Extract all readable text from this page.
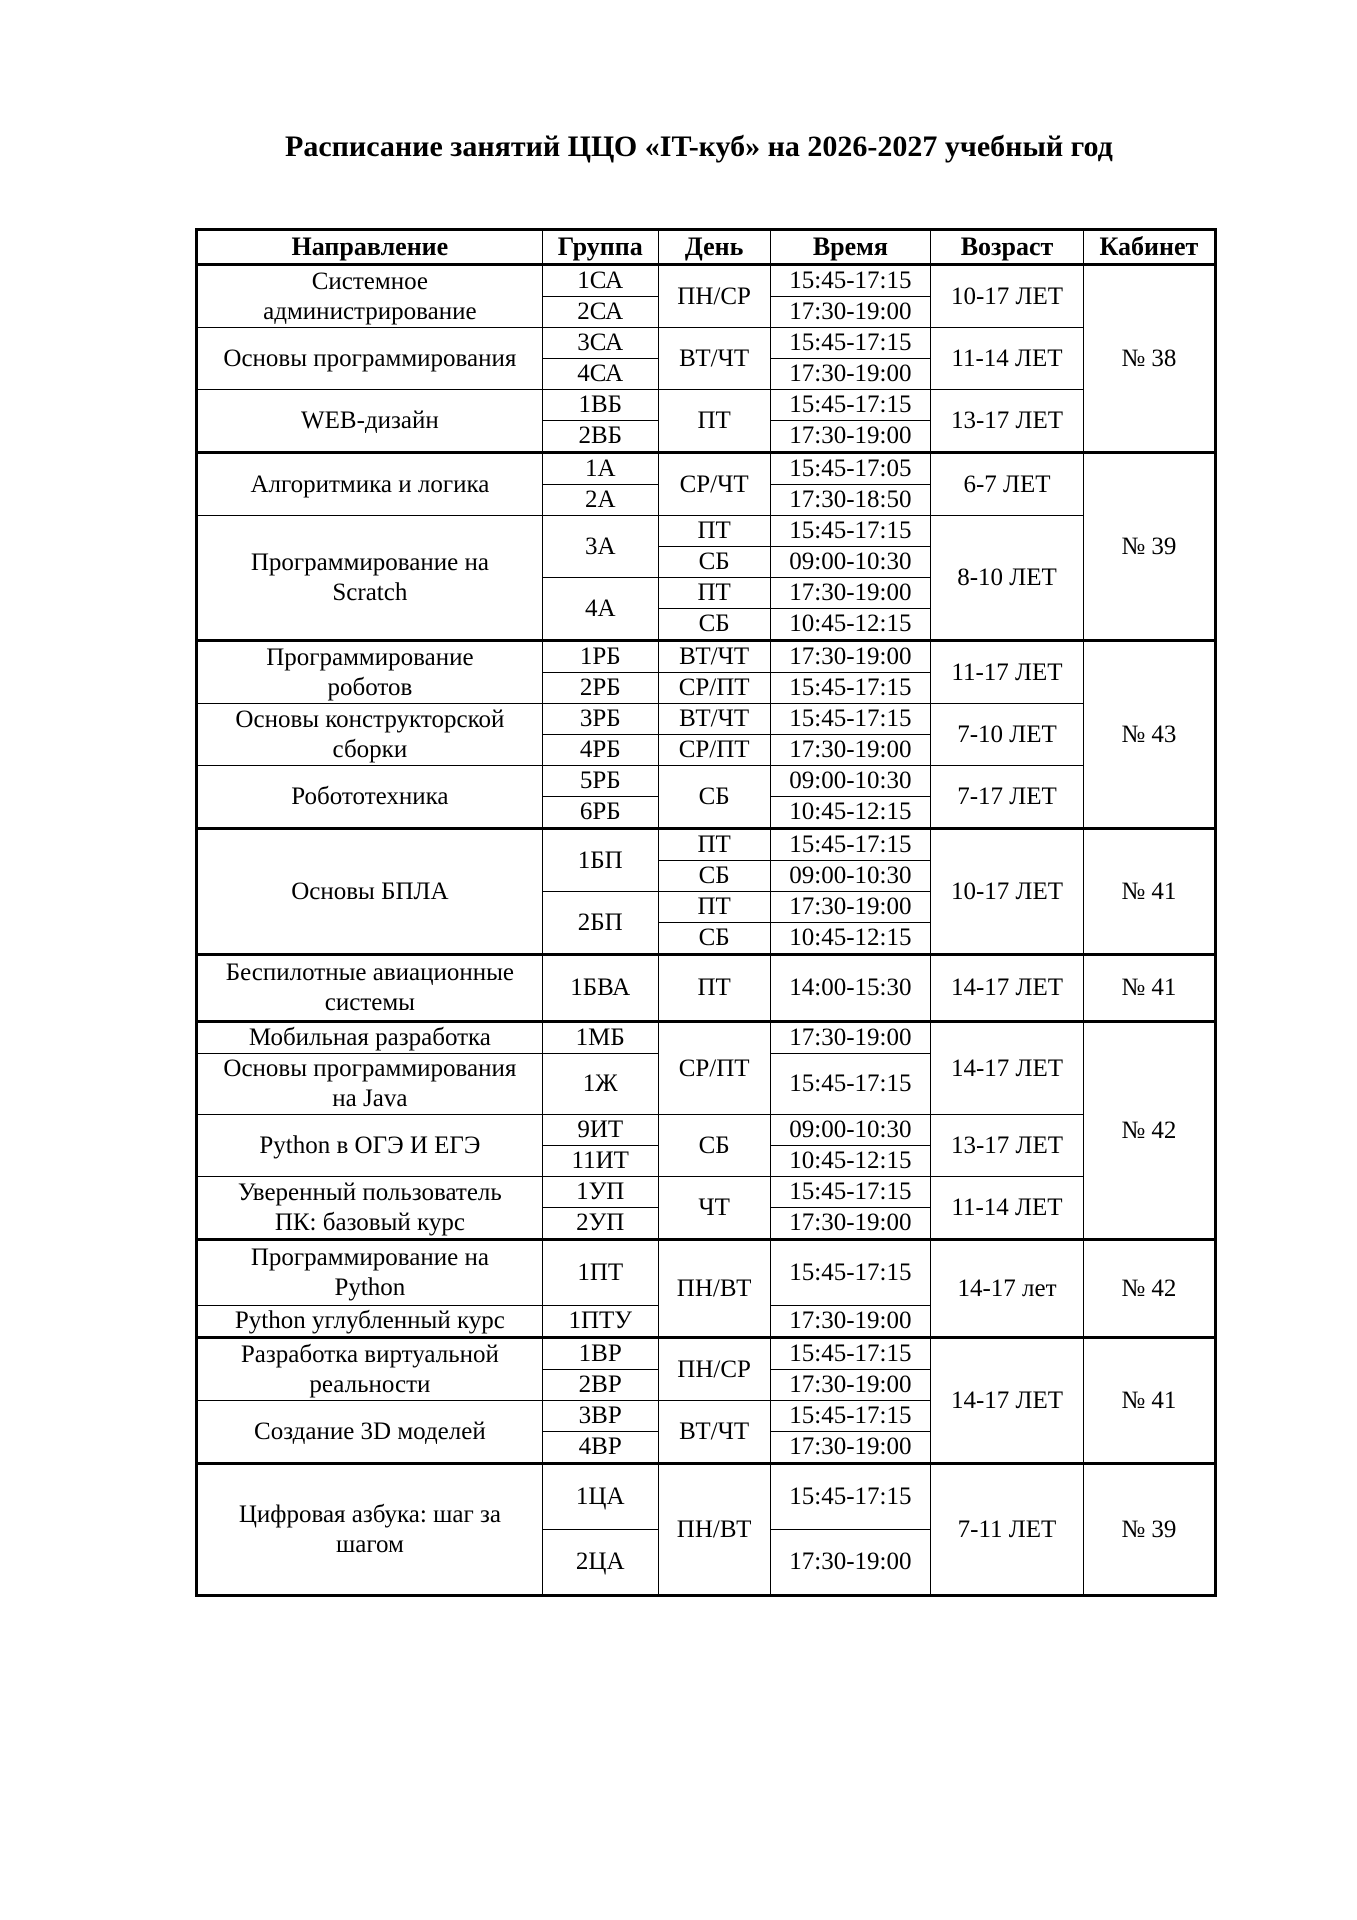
Расписание занятий ЦЦО «IT-куб» на 2026-2027 учебный год
Направление	Группа	День	Время	Возраст	Кабинет
Системное
администрирование	1СА	ПН/СР	15:45-17:15	10-17 ЛЕТ	№ 38
	2СА		17:30-19:00		
Основы программирования	3СА	ВТ/ЧТ	15:45-17:15	11-14 ЛЕТ	
	4СА		17:30-19:00		
WEB-дизайн	1ВБ	ПТ	15:45-17:15	13-17 ЛЕТ	
	2ВБ		17:30-19:00		
Алгоритмика и логика	1А	СР/ЧТ	15:45-17:05	6-7 ЛЕТ	№ 39
	2А		17:30-18:50		
Программирование на
Scratch	3А	ПТ	15:45-17:15	8-10 ЛЕТ	
		СБ	09:00-10:30		
	4А	ПТ	17:30-19:00		
		СБ	10:45-12:15		
Программирование
роботов	1РБ	ВТ/ЧТ	17:30-19:00	11-17 ЛЕТ	№ 43
	2РБ	СР/ПТ	15:45-17:15		
Основы конструкторской
сборки	3РБ	ВТ/ЧТ	15:45-17:15	7-10 ЛЕТ	
	4РБ	СР/ПТ	17:30-19:00		
Робототехника	5РБ	СБ	09:00-10:30	7-17 ЛЕТ	
	6РБ		10:45-12:15		
Основы БПЛА	1БП	ПТ	15:45-17:15	10-17 ЛЕТ	№ 41
		СБ	09:00-10:30		
	2БП	ПТ	17:30-19:00		
		СБ	10:45-12:15		
Беспилотные авиационные
системы	1БВА	ПТ	14:00-15:30	14-17 ЛЕТ	№ 41
Мобильная разработка	1МБ	СР/ПТ	17:30-19:00	14-17 ЛЕТ	№ 42
Основы программирования
на Java	1Ж		15:45-17:15		
Python в ОГЭ И ЕГЭ	9ИТ	СБ	09:00-10:30	13-17 ЛЕТ	
	11ИТ		10:45-12:15		
Уверенный пользователь
ПК: базовый курс	1УП	ЧТ	15:45-17:15	11-14 ЛЕТ	
	2УП		17:30-19:00		
Программирование на
Python	1ПТ	ПН/ВТ	15:45-17:15	14-17 лет	№ 42
Python углубленный курс	1ПТУ		17:30-19:00		
Разработка виртуальной
реальности	1ВР	ПН/СР	15:45-17:15	14-17 ЛЕТ	№ 41
	2ВР		17:30-19:00		
Создание 3D моделей	3ВР	ВТ/ЧТ	15:45-17:15		
	4ВР		17:30-19:00		
Цифровая азбука: шаг за
шагом	1ЦА	ПН/ВТ	15:45-17:15	7-11 ЛЕТ	№ 39
	2ЦА		17:30-19:00		
